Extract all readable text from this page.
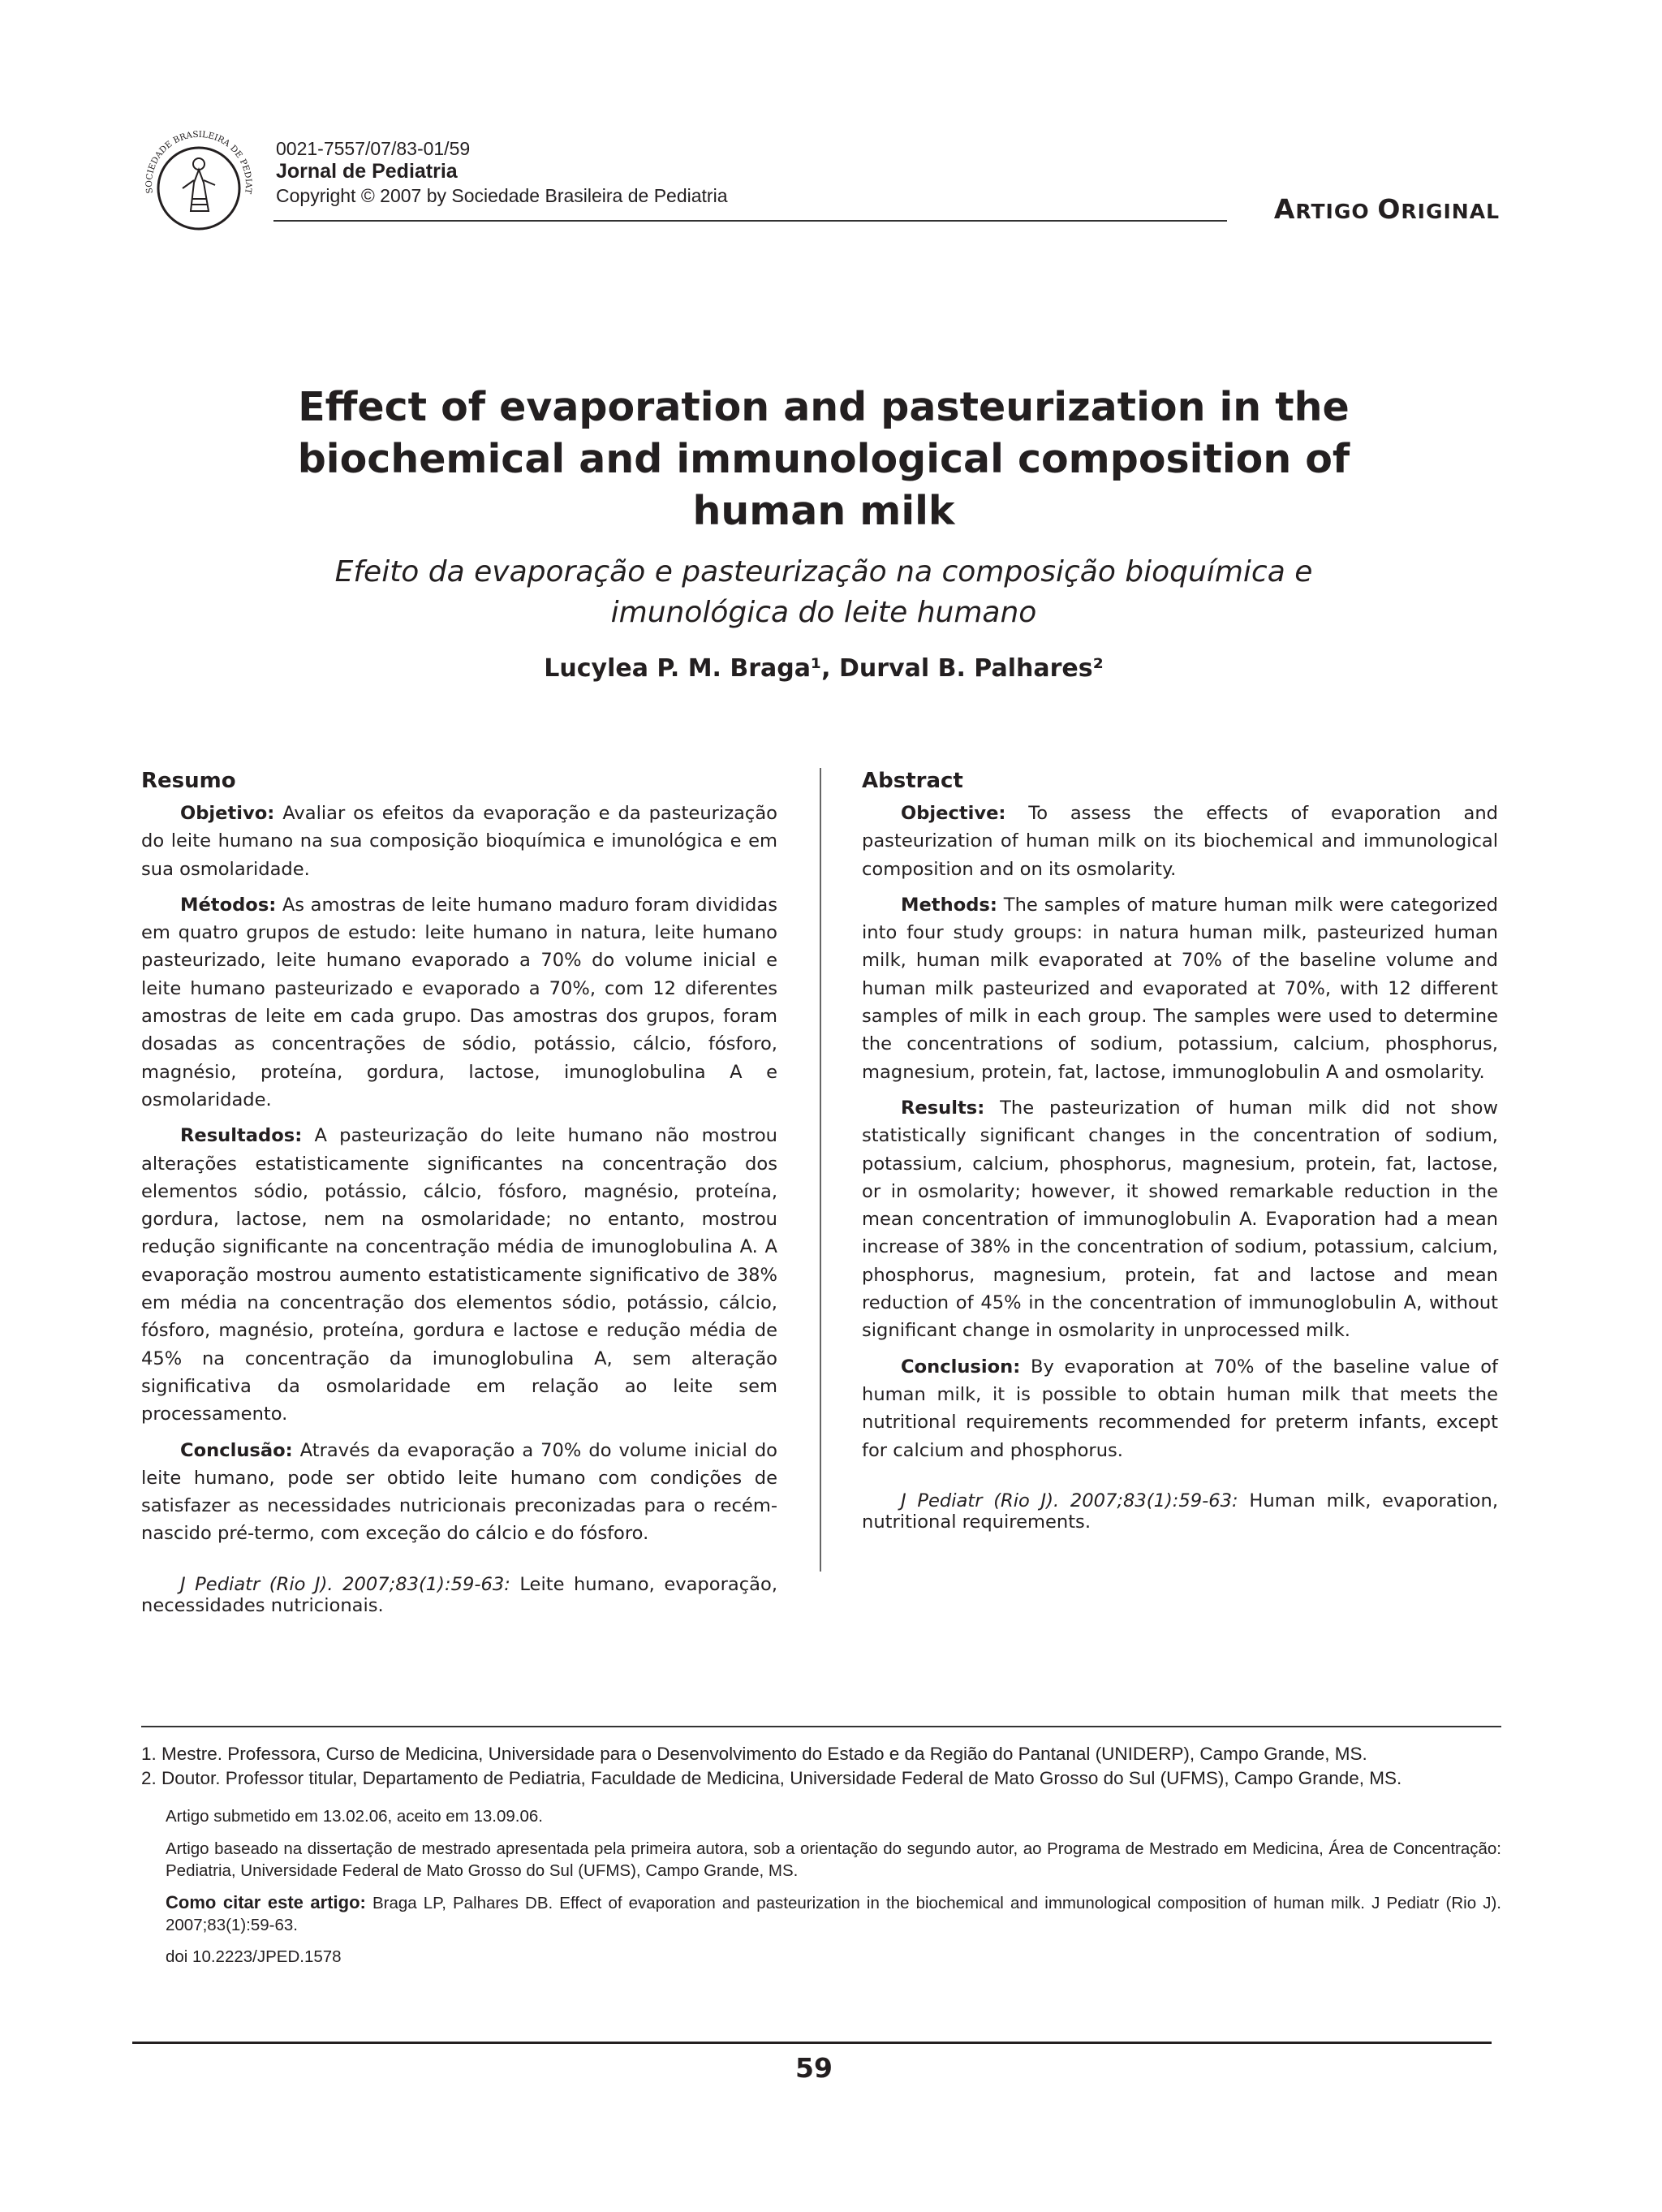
SOCIEDADE BRASILEIRA DE PEDIAT
0021-7557/07/83-01/59
Jornal de Pediatria
Copyright © 2007 by Sociedade Brasileira de Pediatria	ARTIGO ORIGINAL
Effect of evaporation and pasteurization in the biochemical and immunological composition of human milk
Efeito da evaporação e pasteurização na composição bioquímica e imunológica do leite humano
Lucylea P. M. Braga¹, Durval B. Palhares²
Resumo

Objetivo: Avaliar os efeitos da evaporação e da pasteurização do leite humano na sua composição bioquímica e imunológica e em sua osmolaridade.

Métodos: As amostras de leite humano maduro foram divididas em quatro grupos de estudo: leite humano in natura, leite humano pasteurizado, leite humano evaporado a 70% do volume inicial e leite humano pasteurizado e evaporado a 70%, com 12 diferentes amostras de leite em cada grupo. Das amostras dos grupos, foram dosadas as concentrações de sódio, potássio, cálcio, fósforo, magnésio, proteína, gordura, lactose, imunoglobulina A e osmolaridade.

Resultados: A pasteurização do leite humano não mostrou alterações estatisticamente significantes na concentração dos elementos sódio, potássio, cálcio, fósforo, magnésio, proteína, gordura, lactose, nem na osmolaridade; no entanto, mostrou redução significante na concentração média de imunoglobulina A. A evaporação mostrou aumento estatisticamente significativo de 38% em média na concentração dos elementos sódio, potássio, cálcio, fósforo, magnésio, proteína, gordura e lactose e redução média de 45% na concentração da imunoglobulina A, sem alteração significativa da osmolaridade em relação ao leite sem processamento.

Conclusão: Através da evaporação a 70% do volume inicial do leite humano, pode ser obtido leite humano com condições de satisfazer as necessidades nutricionais preconizadas para o recém-nascido pré-termo, com exceção do cálcio e do fósforo.

J Pediatr (Rio J). 2007;83(1):59-63: Leite humano, evaporação, necessidades nutricionais.

Abstract

Objective: To assess the effects of evaporation and pasteurization of human milk on its biochemical and immunological composition and on its osmolarity.

Methods: The samples of mature human milk were categorized into four study groups: in natura human milk, pasteurized human milk, human milk evaporated at 70% of the baseline volume and human milk pasteurized and evaporated at 70%, with 12 different samples of milk in each group. The samples were used to determine the concentrations of sodium, potassium, calcium, phosphorus, magnesium, protein, fat, lactose, immunoglobulin A and osmolarity.

Results: The pasteurization of human milk did not show statistically significant changes in the concentration of sodium, potassium, calcium, phosphorus, magnesium, protein, fat, lactose, or in osmolarity; however, it showed remarkable reduction in the mean concentration of immunoglobulin A. Evaporation had a mean increase of 38% in the concentration of sodium, potassium, calcium, phosphorus, magnesium, protein, fat and lactose and mean reduction of 45% in the concentration of immunoglobulin A, without significant change in osmolarity in unprocessed milk.

Conclusion: By evaporation at 70% of the baseline value of human milk, it is possible to obtain human milk that meets the nutritional requirements recommended for preterm infants, except for calcium and phosphorus.

J Pediatr (Rio J). 2007;83(1):59-63: Human milk, evaporation, nutritional requirements.

1. Mestre. Professora, Curso de Medicina, Universidade para o Desenvolvimento do Estado e da Região do Pantanal (UNIDERP), Campo Grande, MS.
2. Doutor. Professor titular, Departamento de Pediatria, Faculdade de Medicina, Universidade Federal de Mato Grosso do Sul (UFMS), Campo Grande, MS.
Artigo submetido em 13.02.06, aceito em 13.09.06.
Artigo baseado na dissertação de mestrado apresentada pela primeira autora, sob a orientação do segundo autor, ao Programa de Mestrado em Medicina, Área de Concentração: Pediatria, Universidade Federal de Mato Grosso do Sul (UFMS), Campo Grande, MS.
Como citar este artigo: Braga LP, Palhares DB. Effect of evaporation and pasteurization in the biochemical and immunological composition of human milk. J Pediatr (Rio J). 2007;83(1):59-63.
doi 10.2223/JPED.1578
59
